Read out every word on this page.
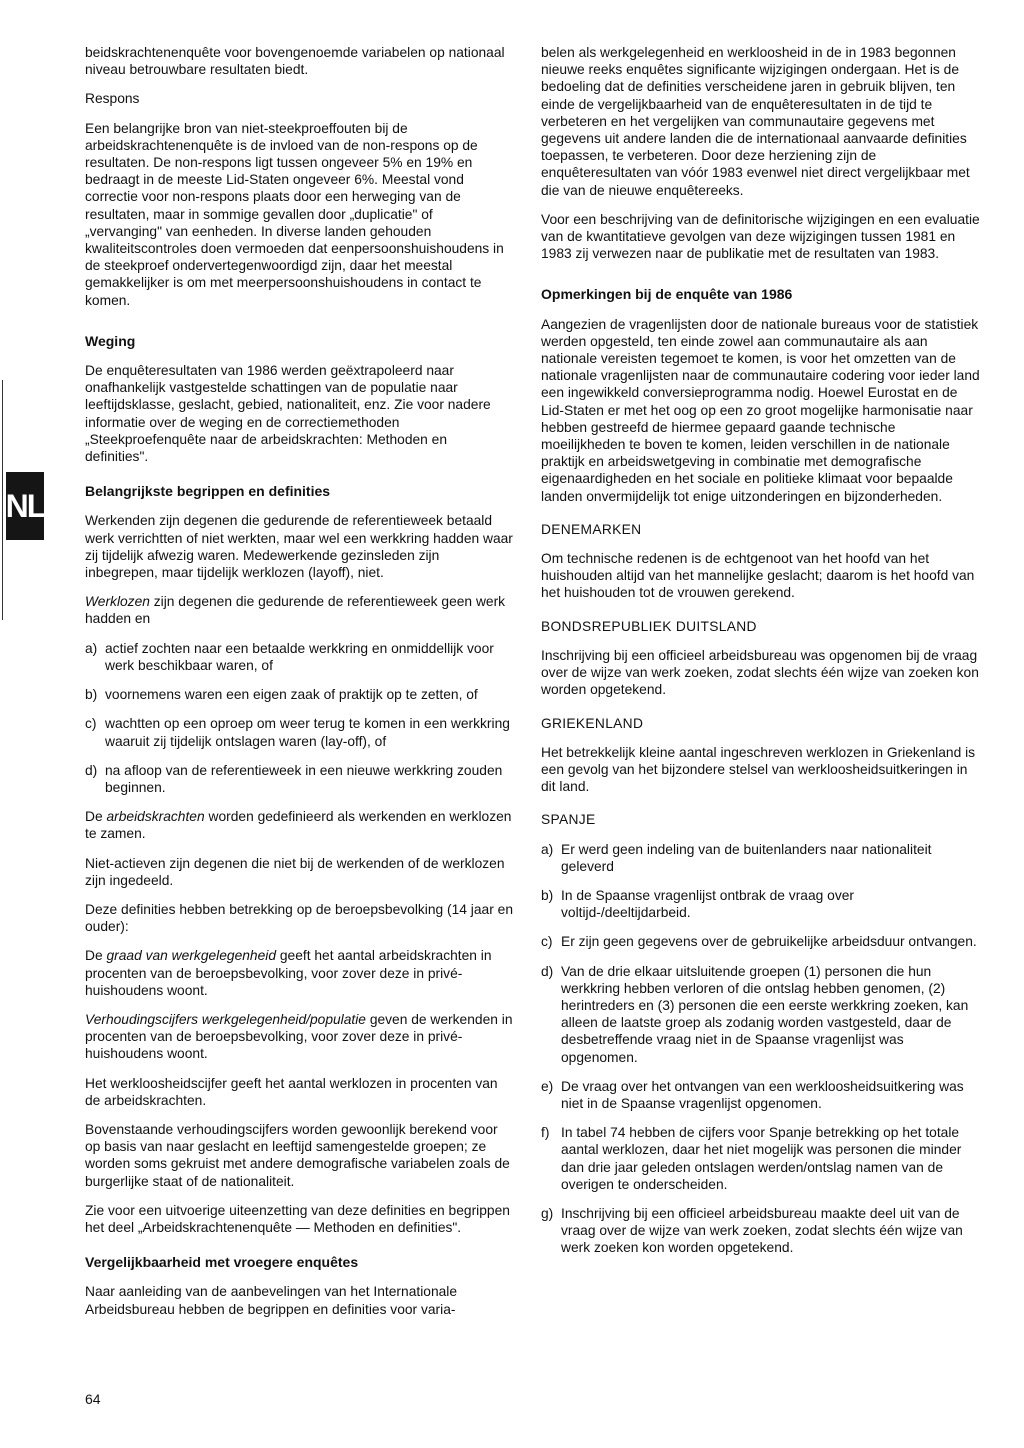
NL

beidskrachtenenquête voor bovengenoemde variabelen op nationaal niveau betrouwbare resultaten biedt.

Respons

Een belangrijke bron van niet-steekproeffouten bij de arbeidskrachtenenquête is de invloed van de non-respons op de resultaten. De non-respons ligt tussen ongeveer 5% en 19% en bedraagt in de meeste Lid-Staten ongeveer 6%. Meestal vond correctie voor non-respons plaats door een herweging van de resultaten, maar in sommige gevallen door „duplicatie" of „vervanging" van eenheden. In diverse landen gehouden kwaliteitscontroles doen vermoeden dat eenpersoonshuishoudens in de steekproef ondervertegenwoordigd zijn, daar het meestal gemakkelijker is om met meerpersoonshuishoudens in contact te komen.

Weging

De enquêteresultaten van 1986 werden geëxtrapoleerd naar onafhankelijk vastgestelde schattingen van de populatie naar leeftijdsklasse, geslacht, gebied, nationaliteit, enz. Zie voor nadere informatie over de weging en de correctiemethoden „Steekproefenquête naar de arbeidskrachten: Methoden en definities".

Belangrijkste begrippen en definities

Werkenden zijn degenen die gedurende de referentieweek betaald werk verrichtten of niet werkten, maar wel een werkkring hadden waar zij tijdelijk afwezig waren. Medewerkende gezinsleden zijn inbegrepen, maar tijdelijk werklozen (layoff), niet.

Werklozen zijn degenen die gedurende de referentieweek geen werk hadden en

a) actief zochten naar een betaalde werkkring en onmiddellijk voor werk beschikbaar waren, of
b) voornemens waren een eigen zaak of praktijk op te zetten, of
c) wachtten op een oproep om weer terug te komen in een werkkring waaruit zij tijdelijk ontslagen waren (lay-off), of
d) na afloop van de referentieweek in een nieuwe werkkring zouden beginnen.

De arbeidskrachten worden gedefinieerd als werkenden en werklozen te zamen.

Niet-actieven zijn degenen die niet bij de werkenden of de werklozen zijn ingedeeld.

Deze definities hebben betrekking op de beroepsbevolking (14 jaar en ouder):

De graad van werkgelegenheid geeft het aantal arbeidskrachten in procenten van de beroepsbevolking, voor zover deze in privé-huishoudens woont.

Verhoudingscijfers werkgelegenheid/populatie geven de werkenden in procenten van de beroepsbevolking, voor zover deze in privé-huishoudens woont.

Het werkloosheidscijfer geeft het aantal werklozen in procenten van de arbeidskrachten.

Bovenstaande verhoudingscijfers worden gewoonlijk berekend voor op basis van naar geslacht en leeftijd samengestelde groepen; ze worden soms gekruist met andere demografische variabelen zoals de burgerlijke staat of de nationaliteit.

Zie voor een uitvoerige uiteenzetting van deze definities en begrippen het deel „Arbeidskrachtenenquête — Methoden en definities".

Vergelijkbaarheid met vroegere enquêtes

Naar aanleiding van de aanbevelingen van het Internationale Arbeidsbureau hebben de begrippen en definities voor varia-

belen als werkgelegenheid en werkloosheid in de in 1983 begonnen nieuwe reeks enquêtes significante wijzigingen ondergaan. Het is de bedoeling dat de definities verscheidene jaren in gebruik blijven, ten einde de vergelijkbaarheid van de enquêteresultaten in de tijd te verbeteren en het vergelijken van communautaire gegevens met gegevens uit andere landen die de internationaal aanvaarde definities toepassen, te verbeteren. Door deze herziening zijn de enquêteresultaten van vóór 1983 evenwel niet direct vergelijkbaar met die van de nieuwe enquêtereeks.

Voor een beschrijving van de definitorische wijzigingen en een evaluatie van de kwantitatieve gevolgen van deze wijzigingen tussen 1981 en 1983 zij verwezen naar de publikatie met de resultaten van 1983.

Opmerkingen bij de enquête van 1986

Aangezien de vragenlijsten door de nationale bureaus voor de statistiek werden opgesteld, ten einde zowel aan communautaire als aan nationale vereisten tegemoet te komen, is voor het omzetten van de nationale vragenlijsten naar de communautaire codering voor ieder land een ingewikkeld conversieprogramma nodig. Hoewel Eurostat en de Lid-Staten er met het oog op een zo groot mogelijke harmonisatie naar hebben gestreefd de hiermee gepaard gaande technische moeilijkheden te boven te komen, leiden verschillen in de nationale praktijk en arbeidswetgeving in combinatie met demografische eigenaardigheden en het sociale en politieke klimaat voor bepaalde landen onvermijdelijk tot enige uitzonderingen en bijzonderheden.

DENEMARKEN

Om technische redenen is de echtgenoot van het hoofd van het huishouden altijd van het mannelijke geslacht; daarom is het hoofd van het huishouden tot de vrouwen gerekend.

BONDSREPUBLIEK DUITSLAND

Inschrijving bij een officieel arbeidsbureau was opgenomen bij de vraag over de wijze van werk zoeken, zodat slechts één wijze van zoeken kon worden opgetekend.

GRIEKENLAND

Het betrekkelijk kleine aantal ingeschreven werklozen in Griekenland is een gevolg van het bijzondere stelsel van werkloosheidsuitkeringen in dit land.

SPANJE
a) Er werd geen indeling van de buitenlanders naar nationaliteit geleverd
b) In de Spaanse vragenlijst ontbrak de vraag over voltijd-/deeltijdarbeid.
c) Er zijn geen gegevens over de gebruikelijke arbeidsduur ontvangen.
d) Van de drie elkaar uitsluitende groepen (1) personen die hun werkkring hebben verloren of die ontslag hebben genomen, (2) herintreders en (3) personen die een eerste werkkring zoeken, kan alleen de laatste groep als zodanig worden vastgesteld, daar de desbetreffende vraag niet in de Spaanse vragenlijst was opgenomen.
e) De vraag over het ontvangen van een werkloosheidsuitkering was niet in de Spaanse vragenlijst opgenomen.
f) In tabel 74 hebben de cijfers voor Spanje betrekking op het totale aantal werklozen, daar het niet mogelijk was personen die minder dan drie jaar geleden ontslagen werden/ontslag namen van de overigen te onderscheiden.
g) Inschrijving bij een officieel arbeidsbureau maakte deel uit van de vraag over de wijze van werk zoeken, zodat slechts één wijze van werk zoeken kon worden opgetekend.
64
